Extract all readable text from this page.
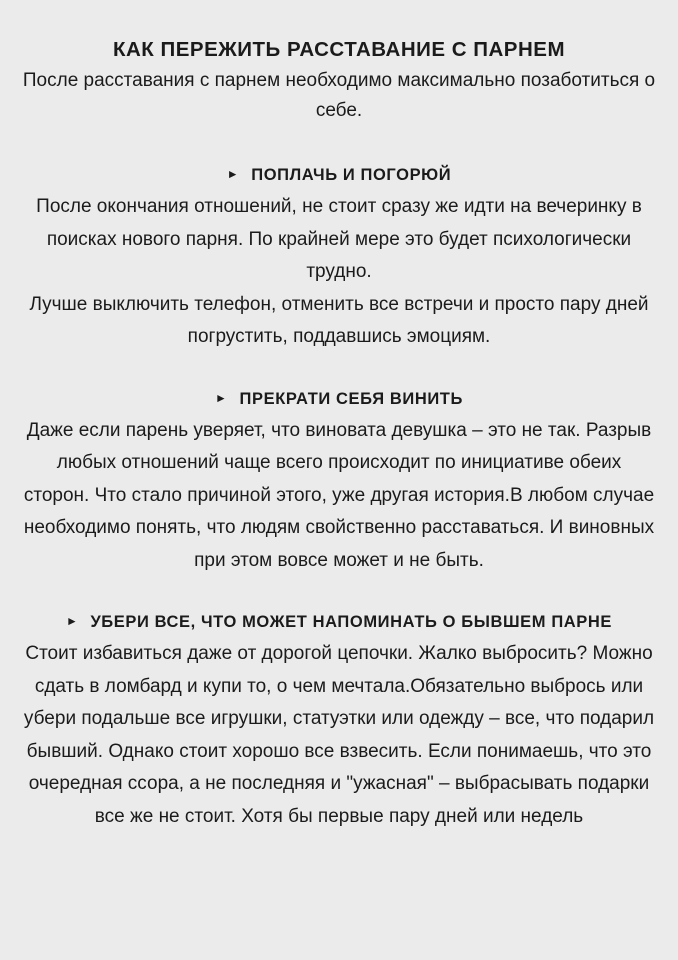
КАК ПЕРЕЖИТЬ РАССТАВАНИЕ С ПАРНЕМ

После расставания с парнем необходимо максимально позаботиться о себе.

► ПОПЛАЧЬ И ПОГОРЮЙ

После окончания отношений, не стоит сразу же идти на вечеринку в поисках нового парня. По крайней мере это будет психологически трудно.

Лучше выключить телефон, отменить все встречи и просто пару дней погрустить, поддавшись эмоциям.

► ПРЕКРАТИ СЕБЯ ВИНИТЬ

Даже если парень уверяет, что виновата девушка – это не так. Разрыв любых отношений чаще всего происходит по инициативе обеих сторон. Что стало причиной этого, уже другая история.В любом случае необходимо понять, что людям свойственно расставаться. И виновных при этом вовсе может и не быть.

► УБЕРИ ВСЕ, ЧТО МОЖЕТ НАПОМИНАТЬ О БЫВШЕМ ПАРНЕ

Стоит избавиться даже от дорогой цепочки. Жалко выбросить? Можно сдать в ломбард и купи то, о чем мечтала.Обязательно выбрось или убери подальше все игрушки, статуэтки или одежду – все, что подарил бывший. Однако стоит хорошо все взвесить. Если понимаешь, что это очередная ссора, а не последняя и "ужасная" – выбрасывать подарки все же не стоит. Хотя бы первые пару дней или недель
